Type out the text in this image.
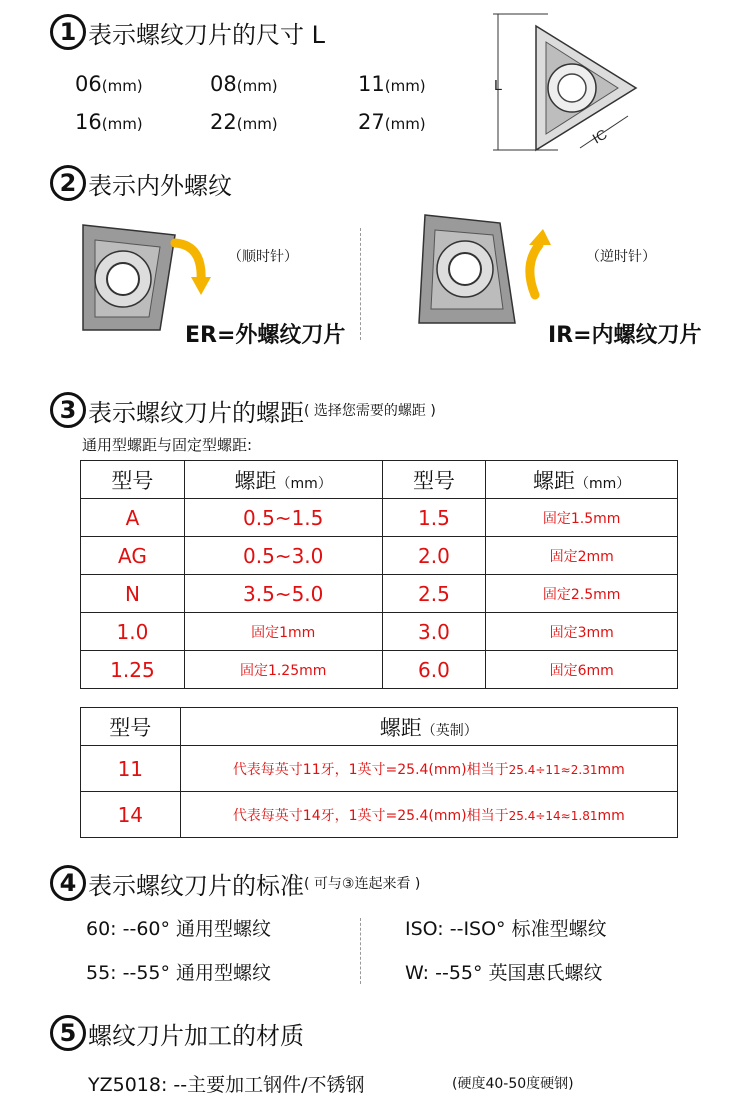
1 表示螺纹刀片的尺寸 L
06(mm)	08(mm)	11(mm)
16(mm)	22(mm)	27(mm)
L
IC
2 表示内外螺纹
（顺时针）
ER=外螺纹刀片
（逆时针）
IR=内螺纹刀片
3 表示螺纹刀片的螺距( 选择您需要的螺距 )
通用型螺距与固定型螺距:
型号	螺距（mm）	型号	螺距（mm）
A	0.5~1.5	1.5	固定1.5mm
AG	0.5~3.0	2.0	固定2mm
N	3.5~5.0	2.5	固定2.5mm
1.0	固定1mm	3.0	固定3mm
1.25	固定1.25mm	6.0	固定6mm
型号	螺距（英制）
11	代表每英寸11牙，1英寸=25.4(mm)相当于25.4÷11≈2.31mm
14	代表每英寸14牙，1英寸=25.4(mm)相当于25.4÷14≈1.81mm
4 表示螺纹刀片的标准( 可与③连起来看 )
60: --60° 通用型螺纹	ISO: --ISO° 标准型螺纹
55: --55° 通用型螺纹	W: --55° 英国惠氏螺纹
5 螺纹刀片加工的材质
YZ5018: --主要加工钢件/不锈钢	(硬度40-50度硬钢)
